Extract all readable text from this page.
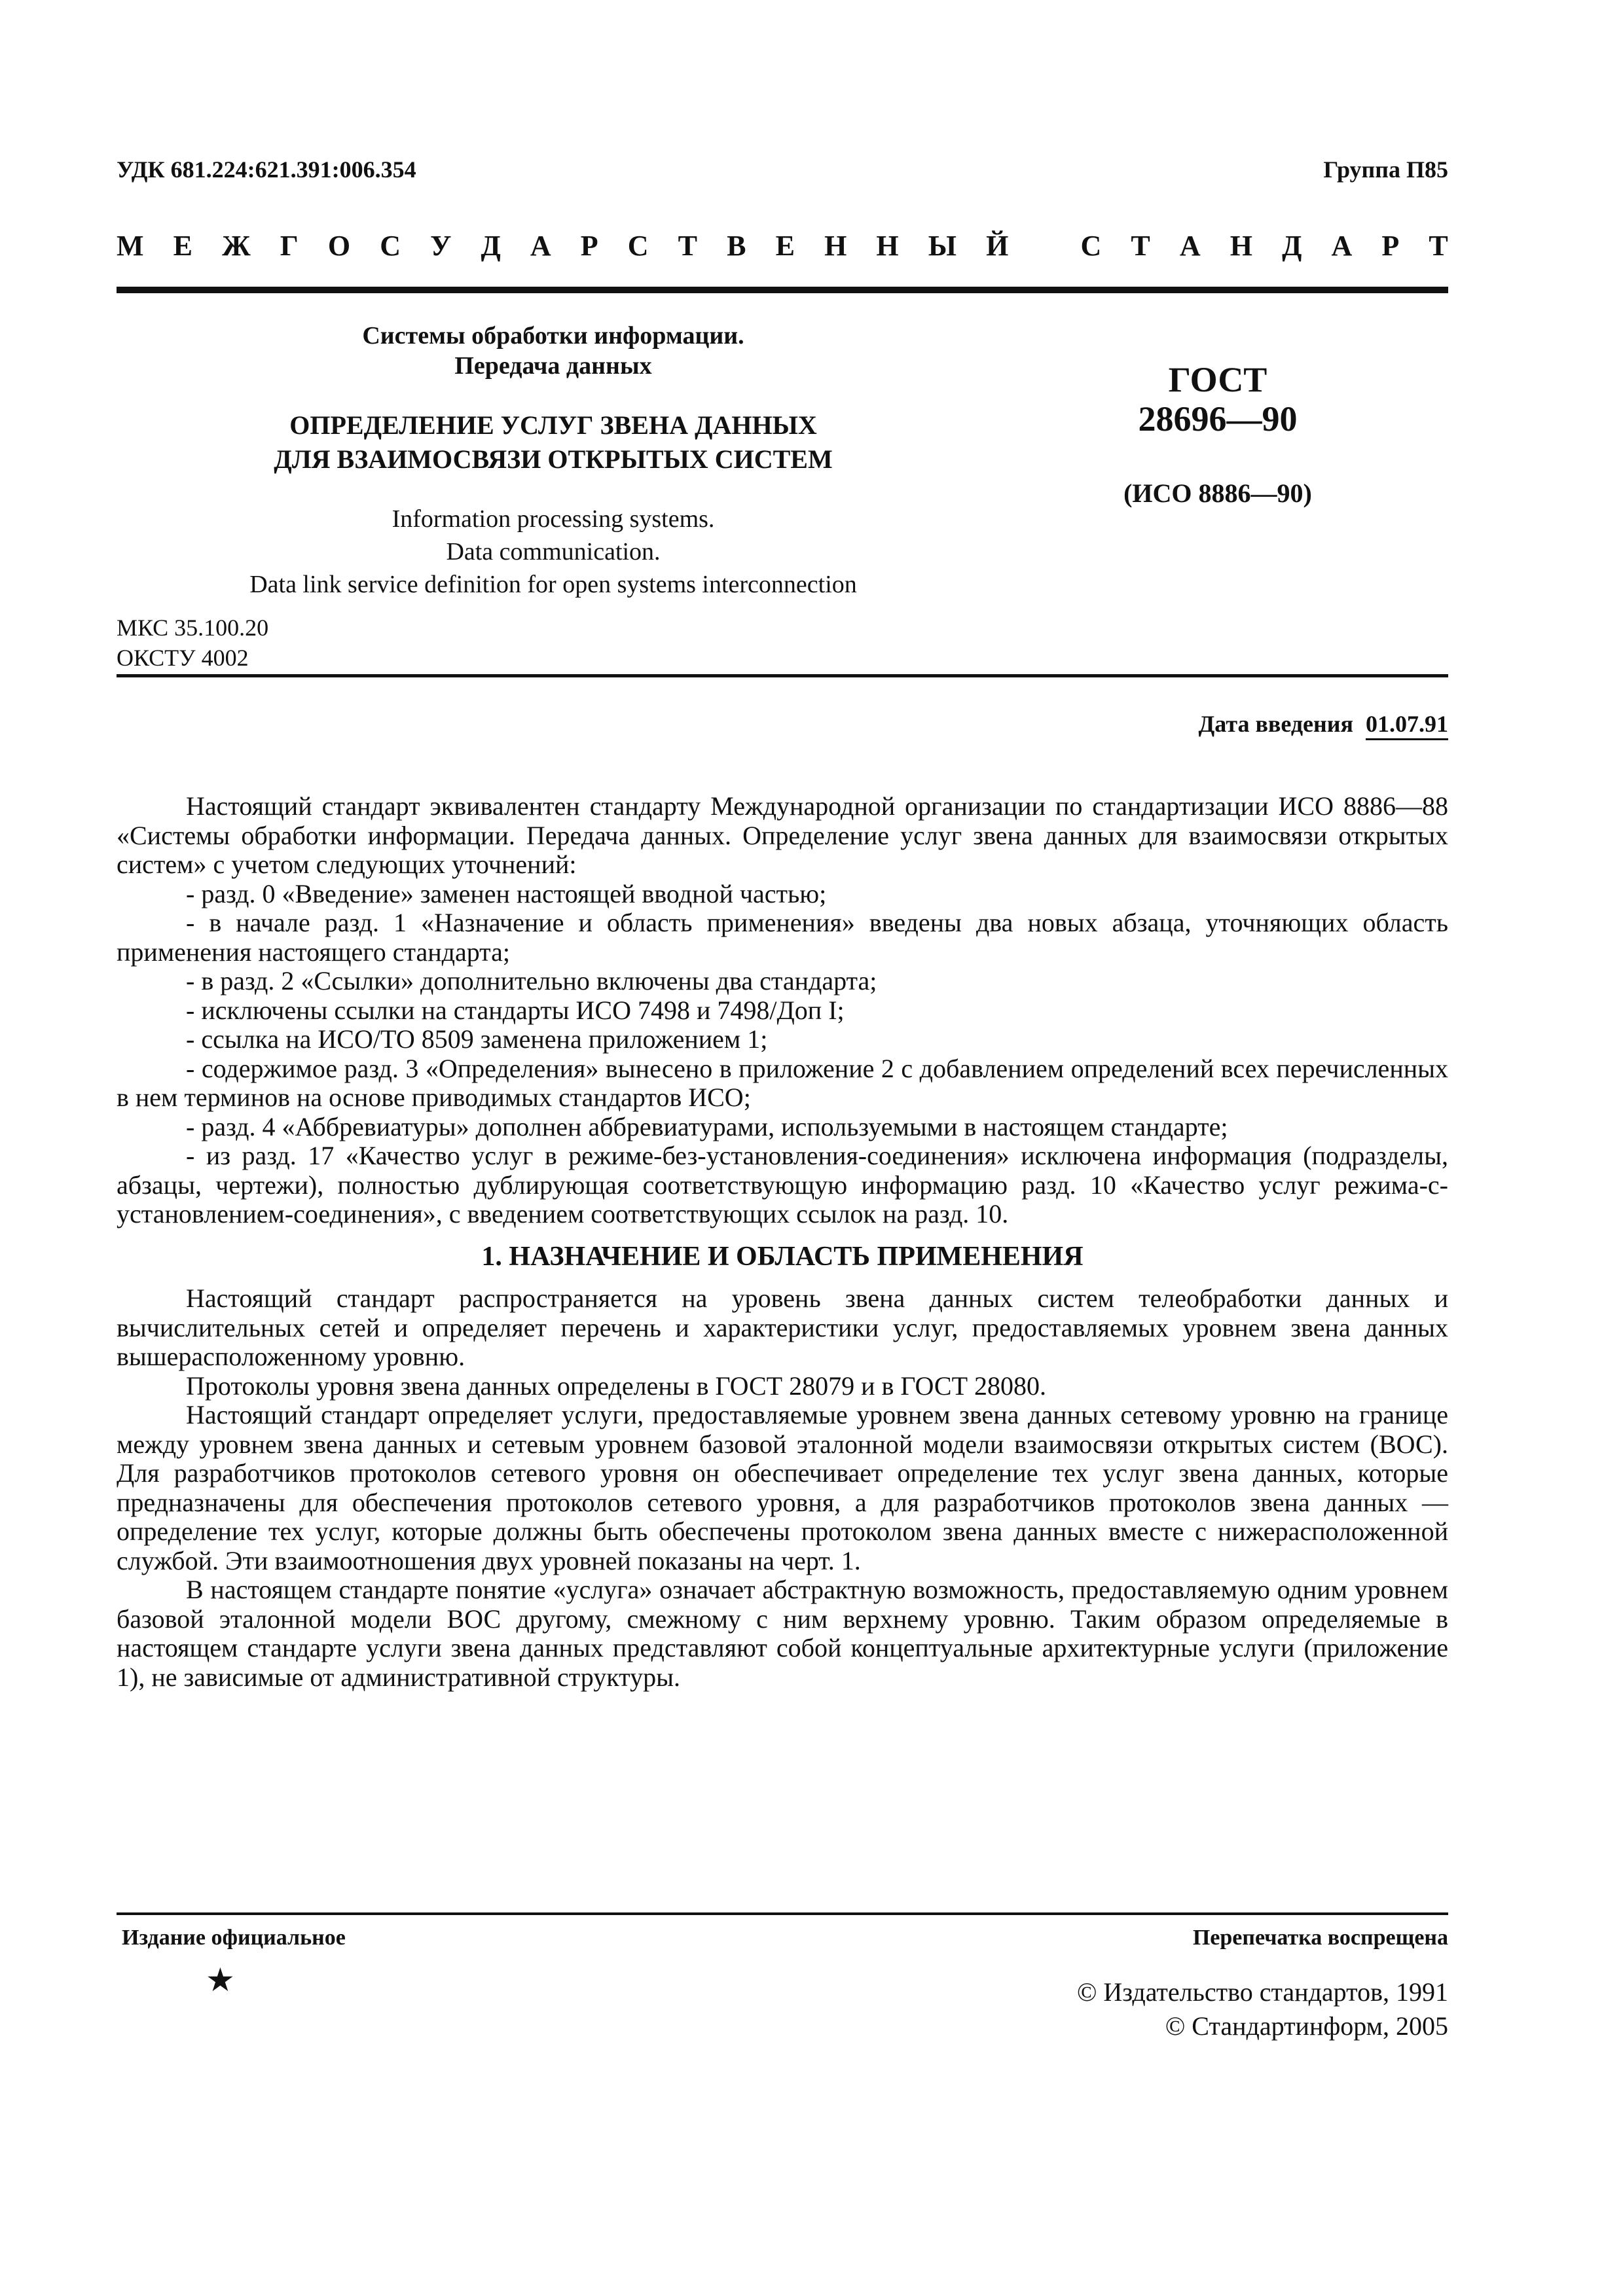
УДК 681.224:621.391:006.354	Группа П85
М Е Ж Г О С У Д А Р С Т В Е Н Н Ы Й	С Т А Н Д А Р Т
Системы обработки информации.
Передача данных
ОПРЕДЕЛЕНИЕ УСЛУГ ЗВЕНА ДАННЫХ
ДЛЯ ВЗАИМОСВЯЗИ ОТКРЫТЫХ СИСТЕМ
Information processing systems.
Data communication.
Data link service definition for open systems interconnection
ГОСТ
28696—90
(ИСО 8886—90)
МКС 35.100.20
ОКСТУ 4002
Дата введения 01.07.91

Настоящий стандарт эквивалентен стандарту Международной организации по стандартизации ИСО 8886—88 «Системы обработки информации. Передача данных. Определение услуг звена данных для взаимосвязи открытых систем» с учетом следующих уточнений:

- разд. 0 «Введение» заменен настоящей вводной частью;

- в начале разд. 1 «Назначение и область применения» введены два новых абзаца, уточняющих область применения настоящего стандарта;

- в разд. 2 «Ссылки» дополнительно включены два стандарта;

- исключены ссылки на стандарты ИСО 7498 и 7498/Доп I;

- ссылка на ИСО/ТО 8509 заменена приложением 1;

- содержимое разд. 3 «Определения» вынесено в приложение 2 с добавлением определений всех перечисленных в нем терминов на основе приводимых стандартов ИСО;

- разд. 4 «Аббревиатуры» дополнен аббревиатурами, используемыми в настоящем стандарте;

- из разд. 17 «Качество услуг в режиме-без-установления-соединения» исключена информация (подразделы, абзацы, чертежи), полностью дублирующая соответствующую информацию разд. 10 «Качество услуг режима-с-установлением-соединения», с введением соответствующих ссылок на разд. 10.

1. НАЗНАЧЕНИЕ И ОБЛАСТЬ ПРИМЕНЕНИЯ

Настоящий стандарт распространяется на уровень звена данных систем телеобработки данных и вычислительных сетей и определяет перечень и характеристики услуг, предоставляемых уровнем звена данных вышерасположенному уровню.

Протоколы уровня звена данных определены в ГОСТ 28079 и в ГОСТ 28080.

Настоящий стандарт определяет услуги, предоставляемые уровнем звена данных сетевому уровню на границе между уровнем звена данных и сетевым уровнем базовой эталонной модели взаимосвязи открытых систем (ВОС). Для разработчиков протоколов сетевого уровня он обеспечивает определение тех услуг звена данных, которые предназначены для обеспечения протоколов сетевого уровня, а для разработчиков протоколов звена данных — определение тех услуг, которые должны быть обеспечены протоколом звена данных вместе с нижерасположенной службой. Эти взаимоотношения двух уровней показаны на черт. 1.

В настоящем стандарте понятие «услуга» означает абстрактную возможность, предоставляемую одним уровнем базовой эталонной модели ВОС другому, смежному с ним верхнему уровню. Таким образом определяемые в настоящем стандарте услуги звена данных представляют собой концептуальные архитектурные услуги (приложение 1), не зависимые от административной структуры.

Издание официальное	Перепечатка воспрещена
★	© Издательство стандартов, 1991
© Стандартинформ, 2005
